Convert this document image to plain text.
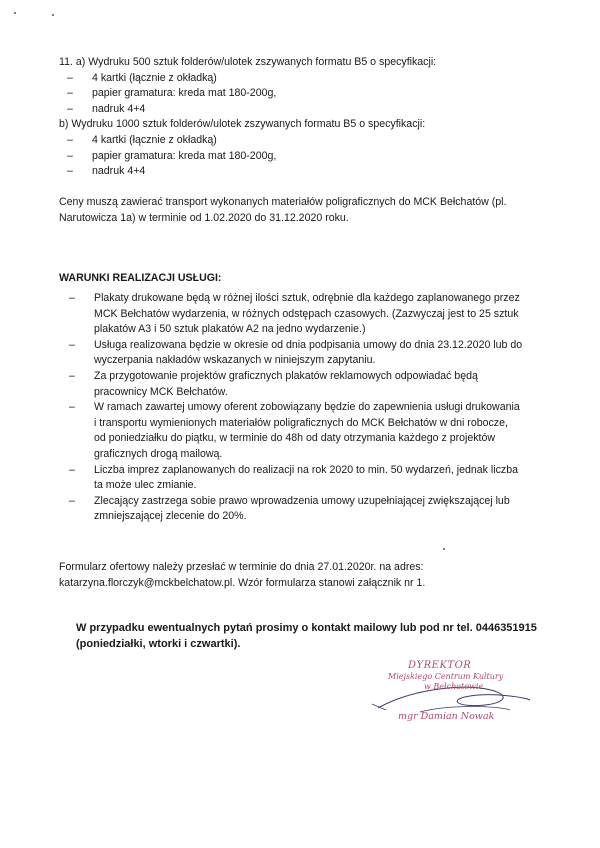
11. a) Wydruku 500 sztuk folderów/ulotek zszywanych formatu B5 o specyfikacji:
– 4 kartki (łącznie z okładką)
– papier gramatura: kreda mat 180-200g,
– nadruk 4+4
b) Wydruku 1000 sztuk folderów/ulotek zszywanych formatu B5 o specyfikacji:
– 4 kartki (łącznie z okładką)
– papier gramatura: kreda mat 180-200g,
– nadruk 4+4
Ceny muszą zawierać transport wykonanych materiałów poligraficznych do MCK Bełchatów (pl.
Narutowicza 1a) w terminie od 1.02.2020 do 31.12.2020 roku.
WARUNKI REALIZACJI USŁUGI:
– Plakaty drukowane będą w różnej ilości sztuk, odrębnie dla każdego zaplanowanego przez
MCK Bełchatów wydarzenia, w różnych odstępach czasowych. (Zazwyczaj jest to 25 sztuk
plakatów A3 i 50 sztuk plakatów A2 na jedno wydarzenie.)
– Usługa realizowana będzie w okresie od dnia podpisania umowy do dnia 23.12.2020 lub do
wyczerpania nakładów wskazanych w niniejszym zapytaniu.
– Za przygotowanie projektów graficznych plakatów reklamowych odpowiadać będą
pracownicy MCK Bełchatów.
– W ramach zawartej umowy oferent zobowiązany będzie do zapewnienia usługi drukowania
i transportu wymienionych materiałów poligraficznych do MCK Bełchatów w dni robocze,
od poniedziałku do piątku, w terminie do 48h od daty otrzymania każdego z projektów
graficznych drogą mailową.
– Liczba imprez zaplanowanych do realizacji na rok 2020 to min. 50 wydarzeń, jednak liczba
ta może ulec zmianie.
– Zlecający zastrzega sobie prawo wprowadzenia umowy uzupełniającej zwiększającej lub
zmniejszającej zlecenie do 20%.
Formularz ofertowy należy przesłać w terminie do dnia 27.01.2020r. na adres:
katarzyna.florczyk@mckbelchatow.pl. Wzór formularza stanowi załącznik nr 1.
W przypadku ewentualnych pytań prosimy o kontakt mailowy lub pod nr tel. 0446351915
(poniedziałki, wtorki i czwartki).
DYREKTOR
Miejskiego Centrum Kultury
w Bełchatowie
mgr Damian Nowak
